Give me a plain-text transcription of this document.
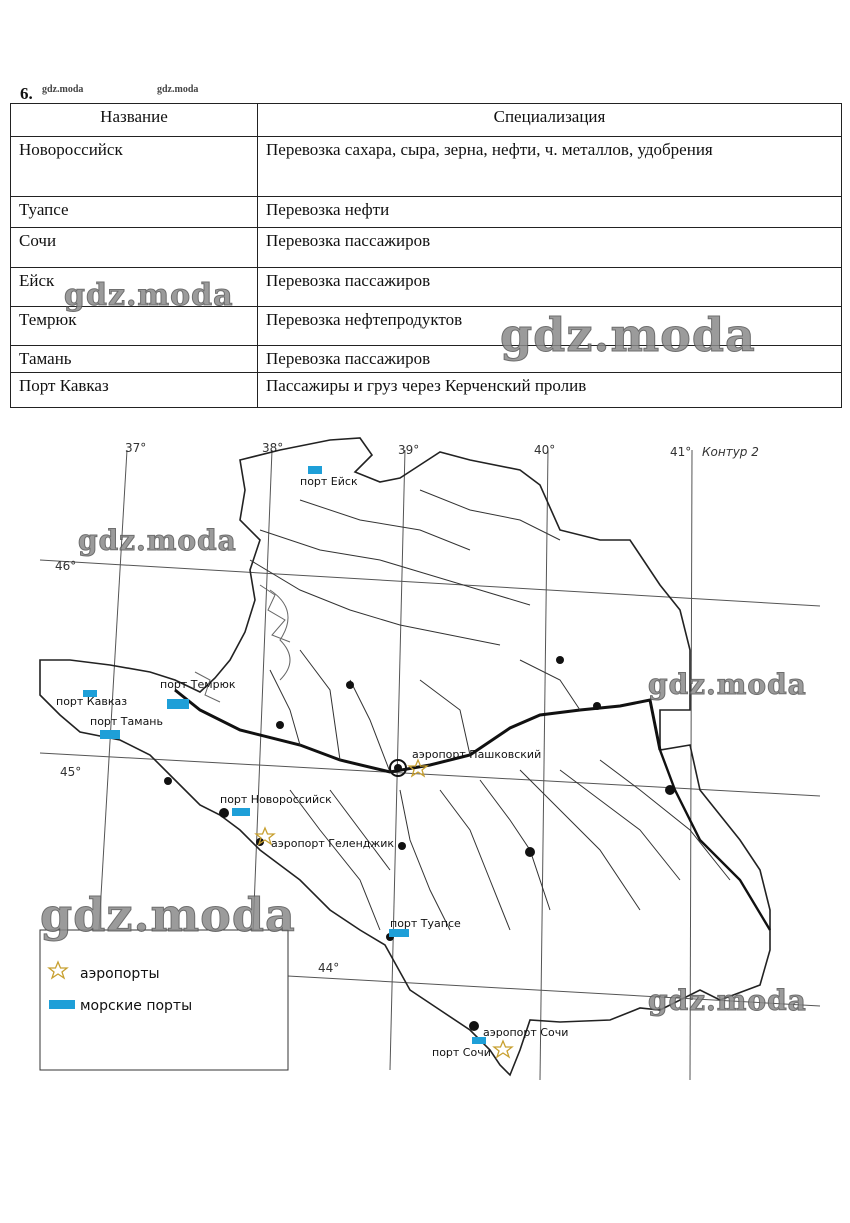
6. gdz.moda	gdz.moda
Название	Специализация
Новороссийск	Перевозка сахара, сыра, зерна, нефти, ч. металлов, удобрения
Туапсе	Перевозка нефти
Сочи	Перевозка пассажиров
Ейск	Перевозка пассажиров
Темрюк	Перевозка нефтепродуктов
Тамань	Перевозка пассажиров
Порт Кавказ	Пассажиры и груз через Керченский пролив
gdz.moda
gdz.moda
37°	38°	39°	40°	41° Контур 2
46°
45°
44°
порт Ейск
порт Темрюк
порт Кавказ
порт Тамань
аэропорт Пашковский
порт Новороссийск
аэропорт Геленджик
порт Туапсе
аэропорт Сочи
порт Сочи
аэропорты
морские порты
gdz.moda
gdz.moda
gdz.moda
gdz.moda
